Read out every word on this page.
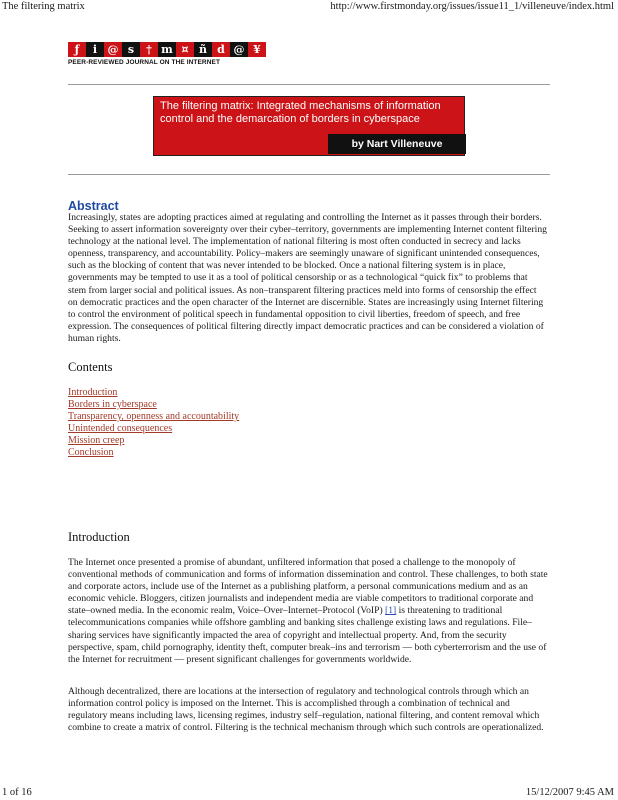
The filtering matrix	http://www.firstmonday.org/issues/issue11_1/villeneuve/index.html
ƒ	i @ s	† m ¤ ñ d @ ¥
PEER-REVIEWED JOURNAL ON THE INTERNET
The filtering matrix: Integrated mechanisms of information control and the demarcation of borders in cyberspace
by Nart Villeneuve
Abstract
Increasingly, states are adopting practices aimed at regulating and controlling the Internet as it passes through their borders. Seeking to assert information sovereignty over their cyber–territory, governments are implementing Internet content filtering technology at the national level. The implementation of national filtering is most often conducted in secrecy and lacks openness, transparency, and accountability. Policy–makers are seemingly unaware of significant unintended consequences, such as the blocking of content that was never intended to be blocked. Once a national filtering system is in place, governments may be tempted to use it as a tool of political censorship or as a technological “quick fix” to problems that stem from larger social and political issues. As non–transparent filtering practices meld into forms of censorship the effect on democratic practices and the open character of the Internet are discernible. States are increasingly using Internet filtering to control the environment of political speech in fundamental opposition to civil liberties, freedom of speech, and free expression. The consequences of political filtering directly impact democratic practices and can be considered a violation of human rights.
Contents
Introduction
Borders in cyberspace
Transparency, openness and accountability
Unintended consequences
Mission creep
Conclusion
Introduction
The Internet once presented a promise of abundant, unfiltered information that posed a challenge to the monopoly of conventional methods of communication and forms of information dissemination and control. These challenges, to both state and corporate actors, include use of the Internet as a publishing platform, a personal communications medium and as an economic vehicle. Bloggers, citizen journalists and independent media are viable competitors to traditional corporate and state–owned media. In the economic realm, Voice–Over–Internet–Protocol (VoIP) [1] is threatening to traditional telecommunications companies while offshore gambling and banking sites challenge existing laws and regulations. File–sharing services have significantly impacted the area of copyright and intellectual property. And, from the security perspective, spam, child pornography, identity theft, computer break–ins and terrorism — both cyberterrorism and the use of the Internet for recruitment — present significant challenges for governments worldwide.
Although decentralized, there are locations at the intersection of regulatory and technological controls through which an information control policy is imposed on the Internet. This is accomplished through a combination of technical and regulatory means including laws, licensing regimes, industry self–regulation, national filtering, and content removal which combine to create a matrix of control. Filtering is the technical mechanism through which such controls are operationalized.
1 of 16	15/12/2007 9:45 AM
